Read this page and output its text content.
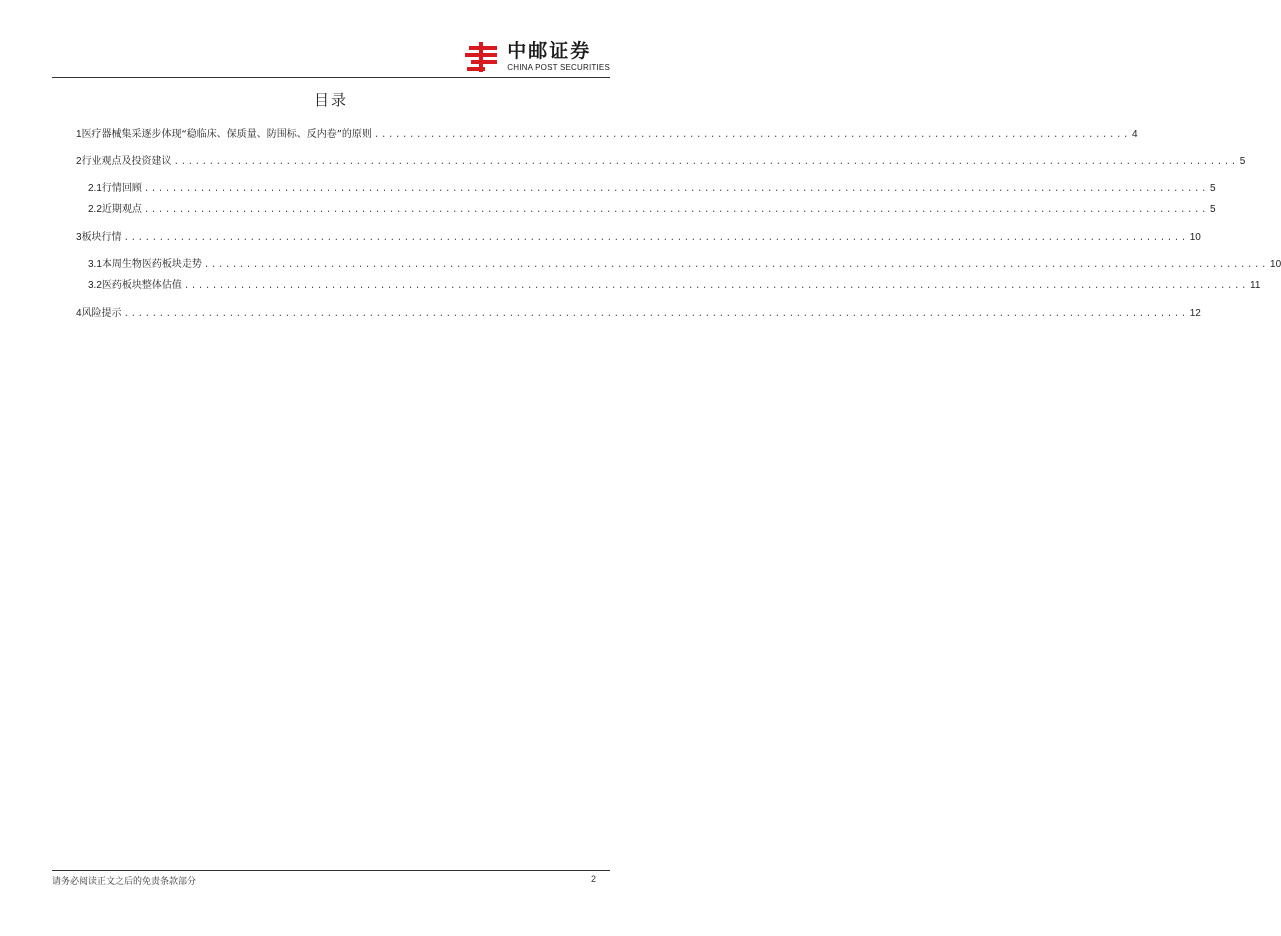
中邮证券
CHINA POST SECURITIES
目录
1 医疗器械集采逐步体现“稳临床、保质量、防围标、反内卷”的原则 ............................................................................................................ 4
2 行业观点及投资建议 ........................................................................................................................................................ 5
2.1 行情回顾 ........................................................................................................................................................ 5
2.2 近期观点 ........................................................................................................................................................ 5
3 板块行情 ........................................................................................................................................................ 10
3.1 本周生物医药板块走势 ........................................................................................................................................................ 10
3.2 医药板块整体估值 ........................................................................................................................................................ 11
4 风险提示 ........................................................................................................................................................ 12
请务必阅读正文之后的免责条款部分	2
